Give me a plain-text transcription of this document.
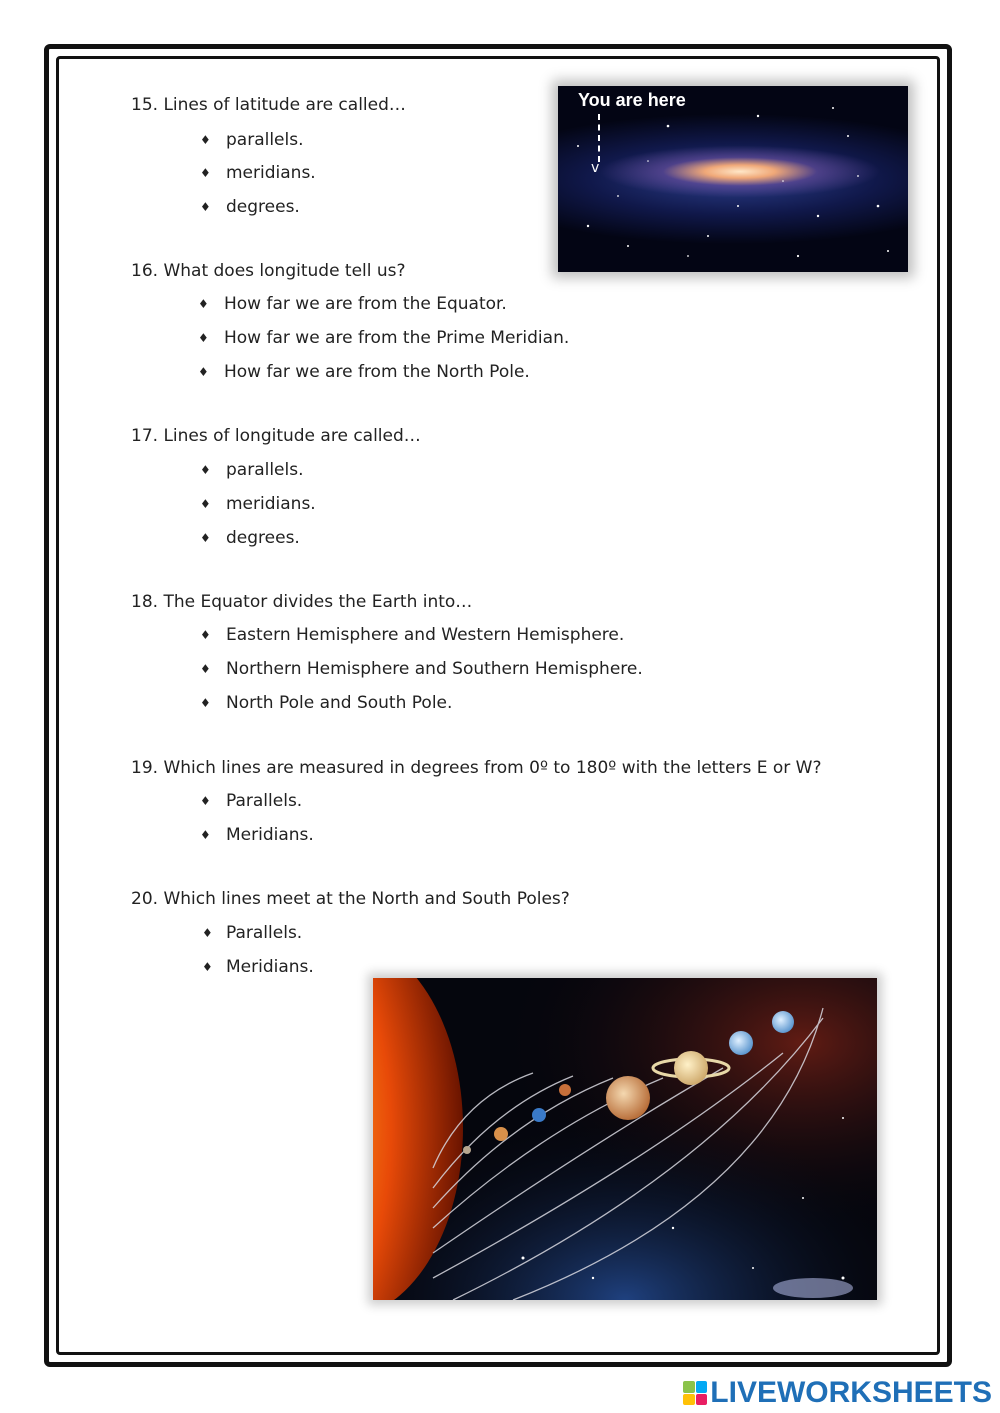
15. Lines of latitude are called…
♦ parallels.
♦ meridians.
♦ degrees.
You are here
v
16. What does longitude tell us?
♦ How far we are from the Equator.
♦ How far we are from the Prime Meridian.
♦ How far we are from the North Pole.
17. Lines of longitude are called…
♦ parallels.
♦ meridians.
♦ degrees.
18. The Equator divides the Earth into…
♦ Eastern Hemisphere and Western Hemisphere.
♦ Northern Hemisphere and Southern Hemisphere.
♦ North Pole and South Pole.
19. Which lines are measured in degrees from 0º to 180º with the letters E or W?
♦ Parallels.
♦ Meridians.
20. Which lines meet at the North and South Poles?
♦ Parallels.
♦ Meridians.
LIVEWORKSHEETS
